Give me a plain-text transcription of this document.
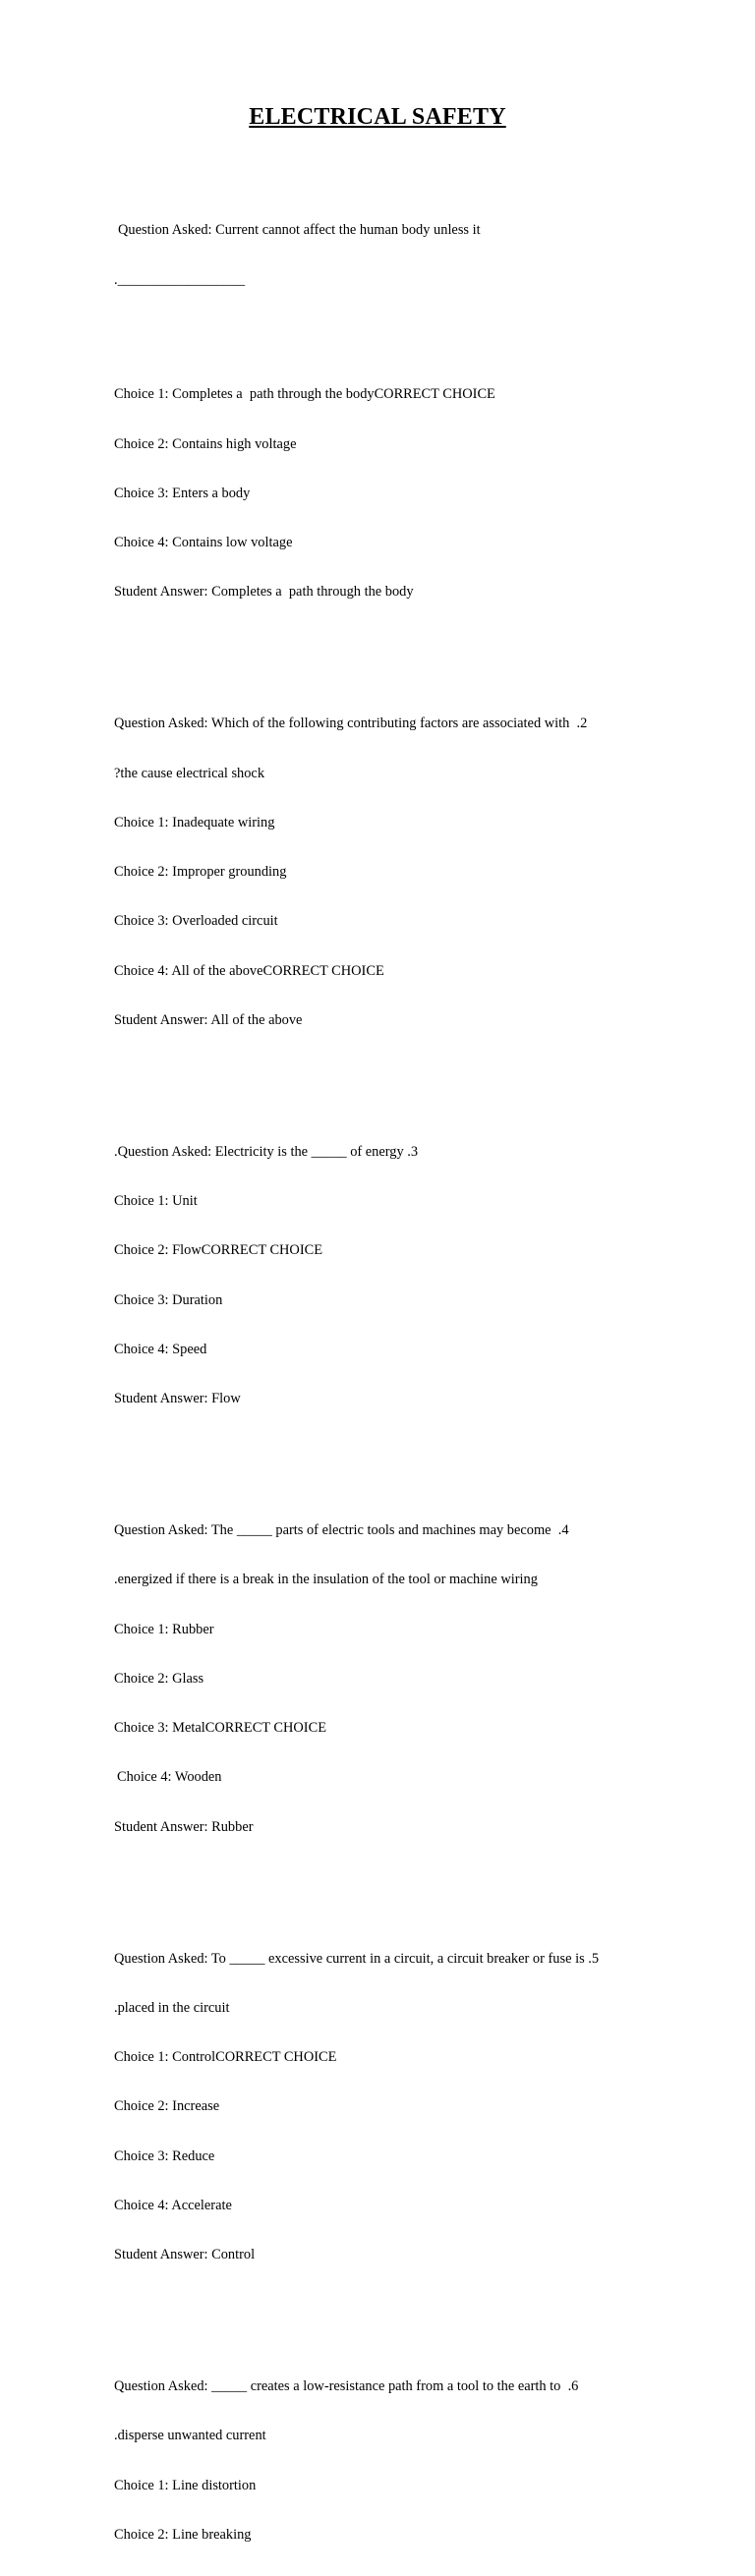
ELECTRICAL SAFETY

Question Asked: Current cannot affect the human body unless it

.__________________

Choice 1: Completes a  path through the bodyCORRECT CHOICE

Choice 2: Contains high voltage

Choice 3: Enters a body

Choice 4: Contains low voltage

Student Answer: Completes a  path through the body

Question Asked: Which of the following contributing factors are associated with  .2

?the cause electrical shock

Choice 1: Inadequate wiring

Choice 2: Improper grounding

Choice 3: Overloaded circuit

Choice 4: All of the aboveCORRECT CHOICE

Student Answer: All of the above

.Question Asked: Electricity is the _____ of energy .3

Choice 1: Unit

Choice 2: FlowCORRECT CHOICE

Choice 3: Duration

Choice 4: Speed

Student Answer: Flow

Question Asked: The _____ parts of electric tools and machines may become  .4

.energized if there is a break in the insulation of the tool or machine wiring

Choice 1: Rubber

Choice 2: Glass

Choice 3: MetalCORRECT CHOICE

Choice 4: Wooden

Student Answer: Rubber

Question Asked: To _____ excessive current in a circuit, a circuit breaker or fuse is .5

.placed in the circuit

Choice 1: ControlCORRECT CHOICE

Choice 2: Increase

Choice 3: Reduce

Choice 4: Accelerate

Student Answer: Control

Question Asked: _____ creates a low-resistance path from a tool to the earth to  .6

.disperse unwanted current

Choice 1: Line distortion

Choice 2: Line breaking
